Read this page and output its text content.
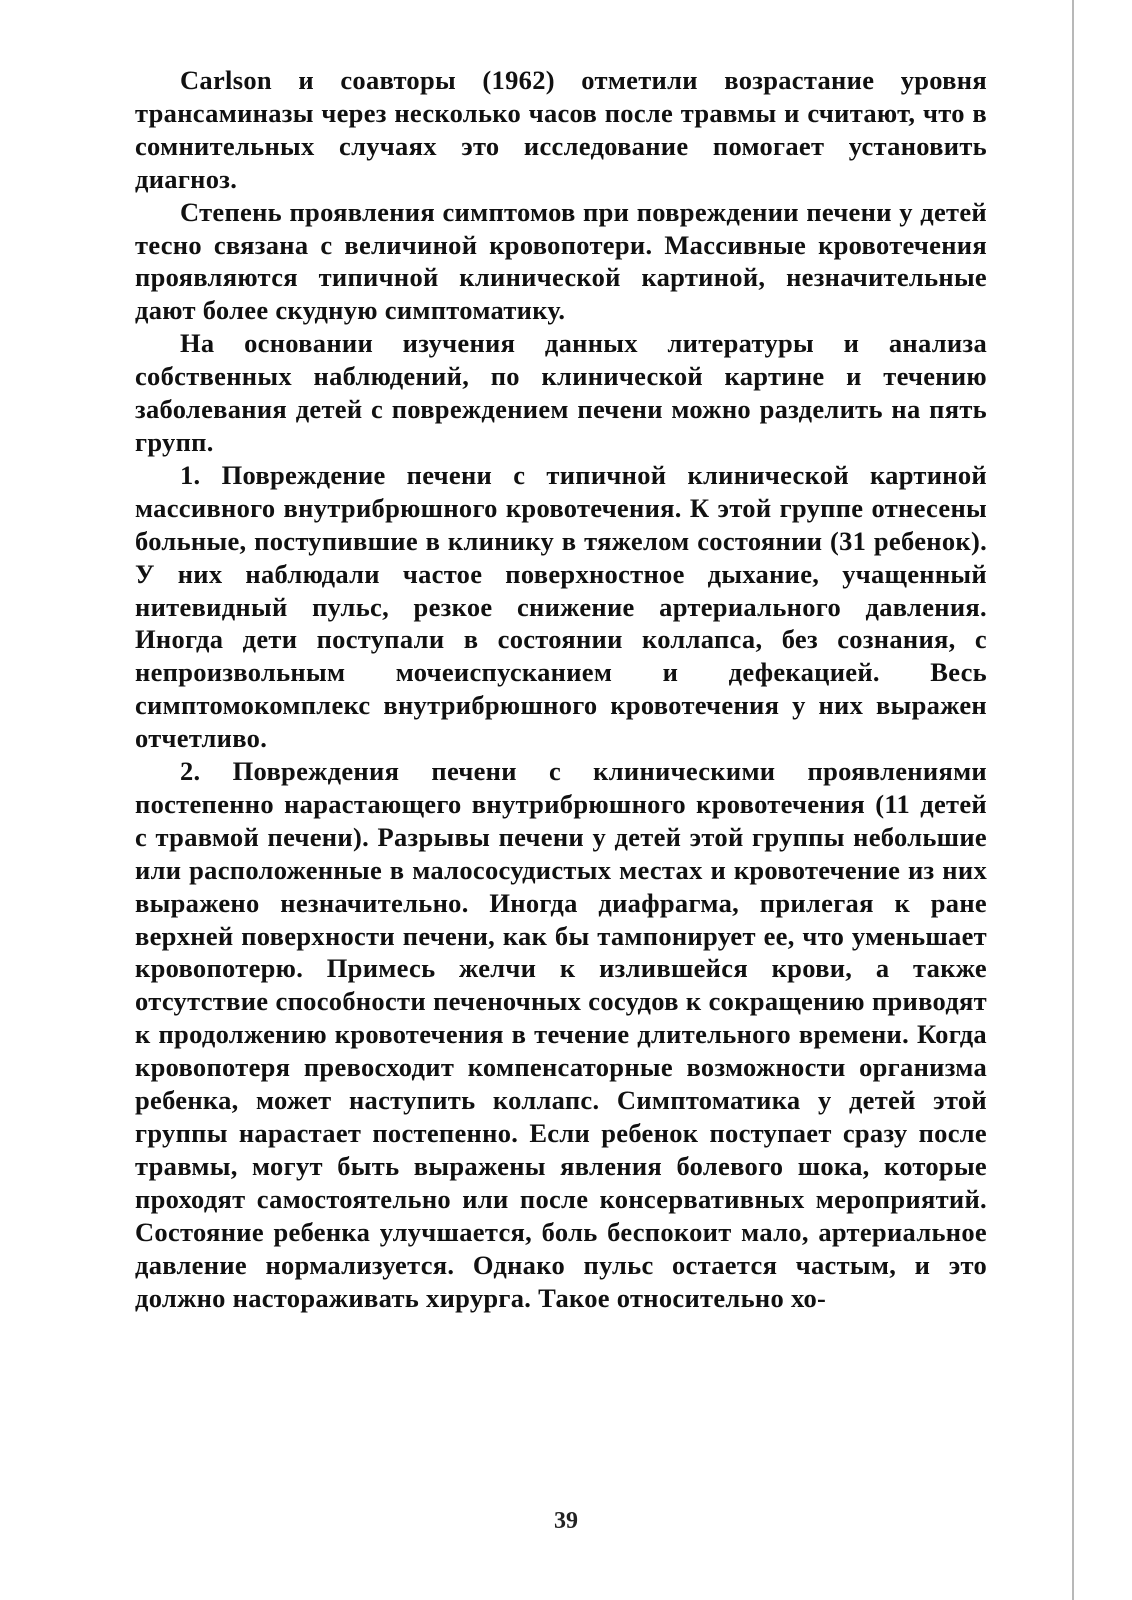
Carlson и соавторы (1962) отметили возрастание уровня трансаминазы через несколько часов после травмы и считают, что в сомнительных случаях это исследование помогает установить диагноз.

Степень проявления симптомов при повреждении печени у детей тесно связана с величиной кровопотери. Массивные кровотечения проявляются типичной клинической картиной, незначительные дают более скудную симптоматику.

На основании изучения данных литературы и анализа собственных наблюдений, по клинической картине и течению заболевания детей с повреждением печени можно разделить на пять групп.

1. Повреждение печени с типичной клинической картиной массивного внутрибрюшного кровотечения. К этой группе отнесены больные, поступившие в клинику в тяжелом состоянии (31 ребенок). У них наблюдали частое поверхностное дыхание, учащенный нитевидный пульс, резкое снижение артериального давления. Иногда дети поступали в состоянии коллапса, без сознания, с непроизвольным мочеиспусканием и дефекацией. Весь симптомокомплекс внутрибрюшного кровотечения у них выражен отчетливо.

2. Повреждения печени с клиническими проявлениями постепенно нарастающего внутрибрюшного кровотечения (11 детей с травмой печени). Разрывы печени у детей этой группы небольшие или расположенные в малососудистых местах и кровотечение из них выражено незначительно. Иногда диафрагма, прилегая к ране верхней поверхности печени, как бы тампонирует ее, что уменьшает кровопотерю. Примесь желчи к излившейся крови, а также отсутствие способности печеночных сосудов к сокращению приводят к продолжению кровотечения в течение длительного времени. Когда кровопотеря превосходит компенсаторные возможности организма ребенка, может наступить коллапс. Симптоматика у детей этой группы нарастает постепенно. Если ребенок поступает сразу после травмы, могут быть выражены явления болевого шока, которые проходят самостоятельно или после консервативных мероприятий. Состояние ребенка улучшается, боль беспокоит мало, артериальное давление нормализуется. Однако пульс остается частым, и это должно настораживать хирурга. Такое относительно хо-

39
